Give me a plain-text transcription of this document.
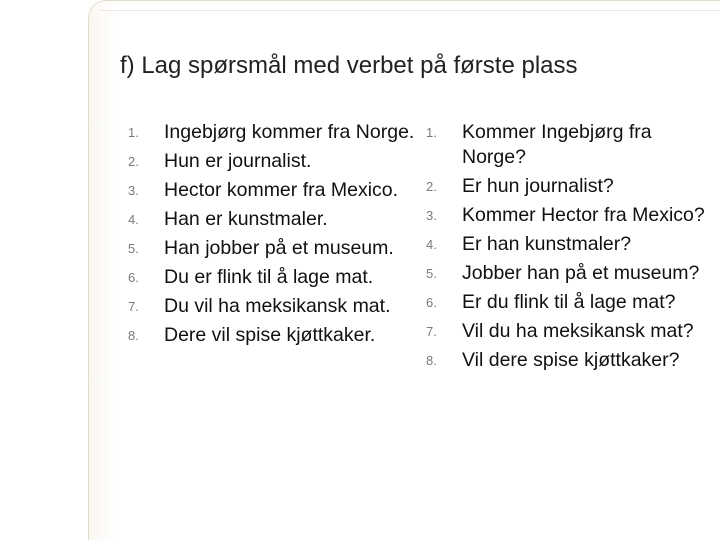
f) Lag spørsmål med verbet på første plass
1. Ingebjørg kommer fra Norge.
2. Hun er journalist.
3. Hector kommer fra Mexico.
4. Han er kunstmaler.
5. Han jobber på et museum.
6. Du er flink til å lage mat.
7. Du vil ha meksikansk mat.
8. Dere vil spise kjøttkaker.
1. Kommer Ingebjørg fra Norge?
2. Er hun journalist?
3. Kommer Hector fra Mexico?
4. Er han kunstmaler?
5. Jobber han på et museum?
6. Er du flink til å lage mat?
7. Vil du ha meksikansk mat?
8. Vil dere spise kjøttkaker?
